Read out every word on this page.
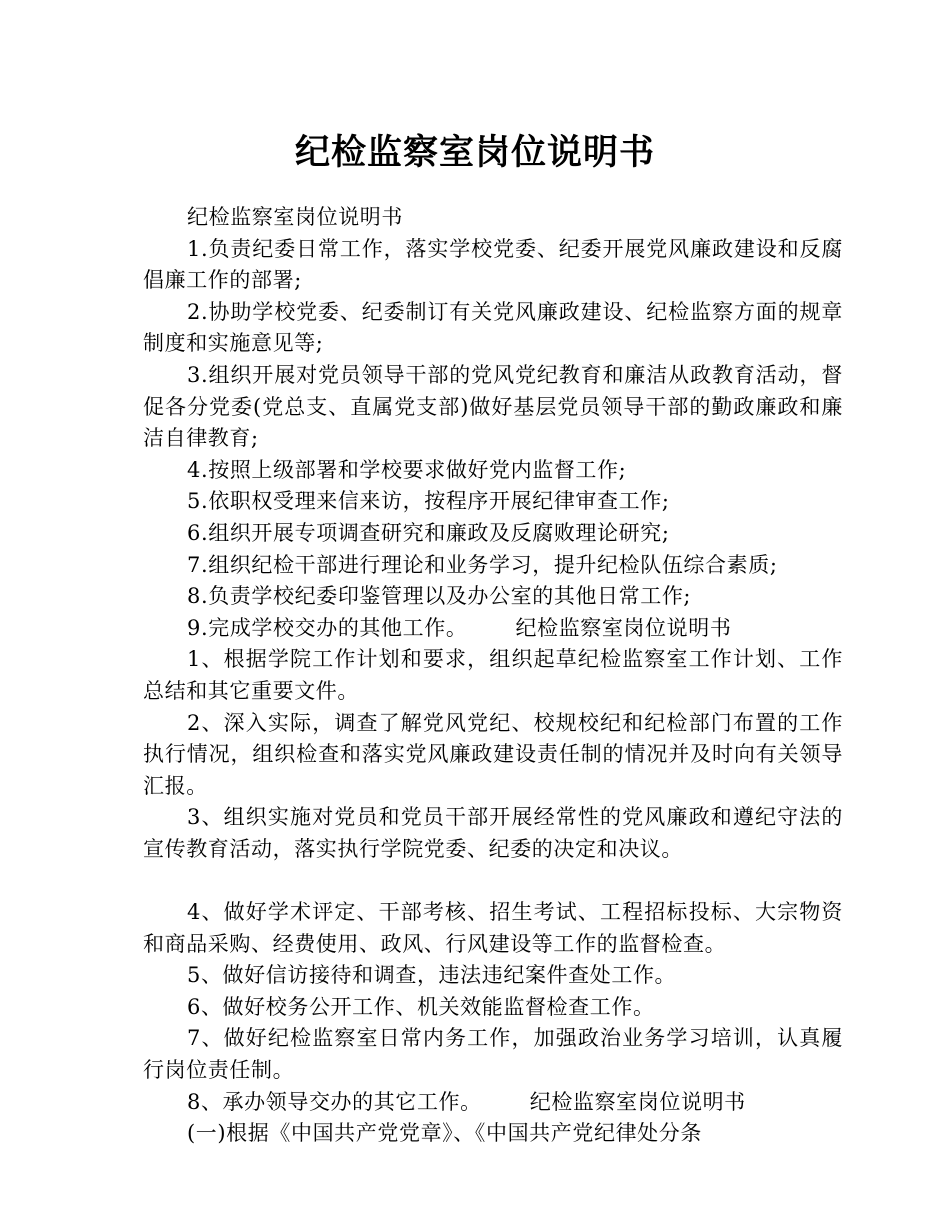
纪检监察室岗位说明书

纪检监察室岗位说明书

1.负责纪委日常工作，落实学校党委、纪委开展党风廉政建设和反腐倡廉工作的部署;

2.协助学校党委、纪委制订有关党风廉政建设、纪检监察方面的规章制度和实施意见等;

3.组织开展对党员领导干部的党风党纪教育和廉洁从政教育活动，督促各分党委(党总支、直属党支部)做好基层党员领导干部的勤政廉政和廉洁自律教育;

4.按照上级部署和学校要求做好党内监督工作;

5.依职权受理来信来访，按程序开展纪律审查工作;

6.组织开展专项调查研究和廉政及反腐败理论研究;

7.组织纪检干部进行理论和业务学习，提升纪检队伍综合素质;

8.负责学校纪委印鉴管理以及办公室的其他日常工作;

9.完成学校交办的其他工作。 纪检监察室岗位说明书

1、根据学院工作计划和要求，组织起草纪检监察室工作计划、工作总结和其它重要文件。

2、深入实际，调查了解党风党纪、校规校纪和纪检部门布置的工作执行情况，组织检查和落实党风廉政建设责任制的情况并及时向有关领导汇报。

3、组织实施对党员和党员干部开展经常性的党风廉政和遵纪守法的宣传教育活动，落实执行学院党委、纪委的决定和决议。

4、做好学术评定、干部考核、招生考试、工程招标投标、大宗物资和商品采购、经费使用、政风、行风建设等工作的监督检查。

5、做好信访接待和调查，违法违纪案件查处工作。

6、做好校务公开工作、机关效能监督检查工作。

7、做好纪检监察室日常内务工作，加强政治业务学习培训，认真履行岗位责任制。

8、承办领导交办的其它工作。 纪检监察室岗位说明书

(一)根据《中国共产党党章》、《中国共产党纪律处分条
